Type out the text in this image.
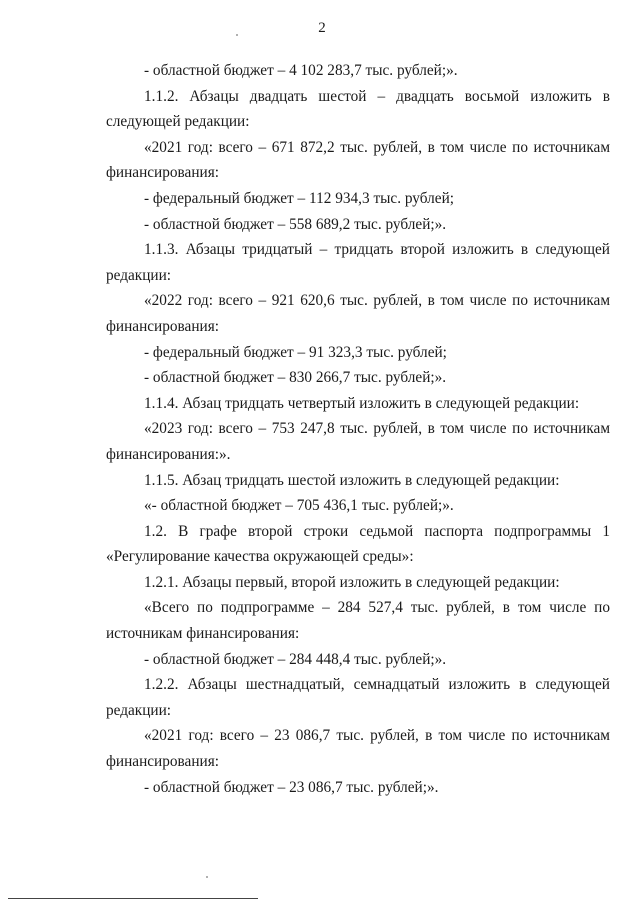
2

- областной бюджет – 4 102 283,7 тыс. рублей;».

1.1.2. Абзацы двадцать шестой – двадцать восьмой изложить в следующей редакции:

«2021 год: всего – 671 872,2 тыс. рублей, в том числе по источникам финансирования:

- федеральный бюджет – 112 934,3 тыс. рублей;

- областной бюджет – 558 689,2 тыс. рублей;».

1.1.3. Абзацы тридцатый – тридцать второй изложить в следующей редакции:

«2022 год: всего – 921 620,6 тыс. рублей, в том числе по источникам финансирования:

- федеральный бюджет – 91 323,3 тыс. рублей;

- областной бюджет – 830 266,7 тыс. рублей;».

1.1.4. Абзац тридцать четвертый изложить в следующей редакции:

«2023 год: всего – 753 247,8 тыс. рублей, в том числе по источникам финансирования:».

1.1.5. Абзац тридцать шестой изложить в следующей редакции:

«- областной бюджет – 705 436,1 тыс. рублей;».

1.2. В графе второй строки седьмой паспорта подпрограммы 1 «Регулирование качества окружающей среды»:

1.2.1. Абзацы первый, второй изложить в следующей редакции:

«Всего по подпрограмме – 284 527,4 тыс. рублей, в том числе по источникам финансирования:

- областной бюджет – 284 448,4 тыс. рублей;».

1.2.2. Абзацы шестнадцатый, семнадцатый изложить в следующей редакции:

«2021 год: всего – 23 086,7 тыс. рублей, в том числе по источникам финансирования:

- областной бюджет – 23 086,7 тыс. рублей;».
